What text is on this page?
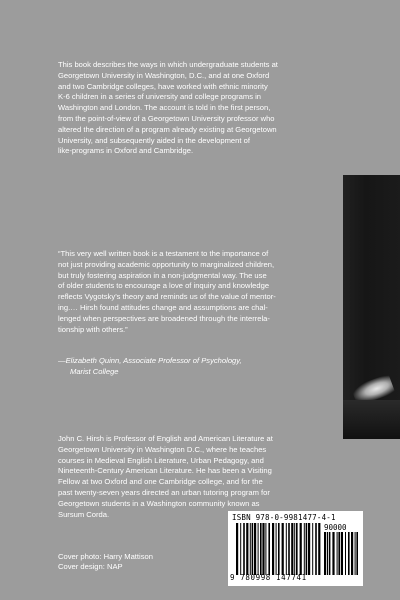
This book describes the ways in which undergraduate students at
Georgetown University in Washington, D.C., and at one Oxford
and two Cambridge colleges, have worked with ethnic minority
K-6 children in a series of university and college programs in
Washington and London. The account is told in the first person,
from the point-of-view of a Georgetown University professor who
altered the direction of a program already existing at Georgetown
University, and subsequently aided in the development of
like-programs in Oxford and Cambridge.

“This very well written book is a testament to the importance of
not just providing academic opportunity to marginalized children,
but truly fostering aspiration in a non-judgmental way. The use
of older students to encourage a love of inquiry and knowledge
reflects Vygotsky’s theory and reminds us of the value of mentor-
ing.… Hirsh found attitudes change and assumptions are chal-
lenged when perspectives are broadened through the interrela-
tionship with others.”

—Elizabeth Quinn, Associate Professor of Psychology,

Marist College

John C. Hirsh is Professor of English and American Literature at
Georgetown University in Washington D.C., where he teaches
courses in Medieval English Literature, Urban Pedagogy, and
Nineteenth-Century American Literature. He has been a Visiting
Fellow at two Oxford and one Cambridge college, and for the
past twenty-seven years directed an urban tutoring program for
Georgetown students in a Washington community known as
Sursum Corda.

Cover photo: Harry Mattison

Cover design: NAP

ISBN 978-0-9981477-4-1
90000
9 780998 147741
